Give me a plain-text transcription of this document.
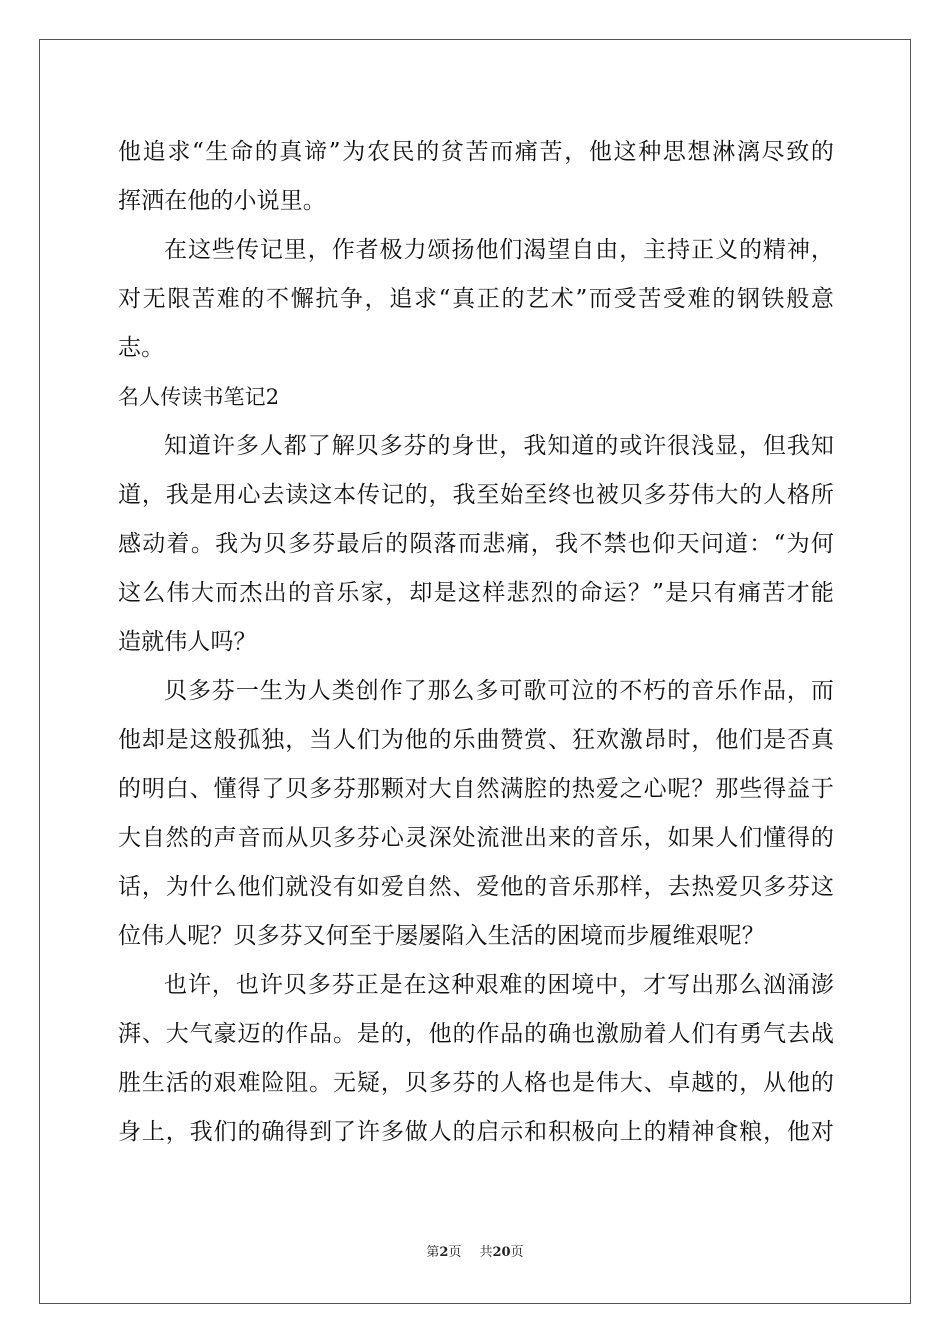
他追求“生命的真谛”为农民的贫苦而痛苦，他这种思想淋漓尽致的
挥洒在他的小说里。
在这些传记里，作者极力颂扬他们渴望自由，主持正义的精神，
对无限苦难的不懈抗争，追求“真正的艺术”而受苦受难的钢铁般意
志。
名人传读书笔记2
知道许多人都了解贝多芬的身世，我知道的或许很浅显，但我知
道，我是用心去读这本传记的，我至始至终也被贝多芬伟大的人格所
感动着。我为贝多芬最后的陨落而悲痛，我不禁也仰天问道：“为何
这么伟大而杰出的音乐家，却是这样悲烈的命运？”是只有痛苦才能
造就伟人吗？
贝多芬一生为人类创作了那么多可歌可泣的不朽的音乐作品，而
他却是这般孤独，当人们为他的乐曲赞赏、狂欢激昂时，他们是否真
的明白、懂得了贝多芬那颗对大自然满腔的热爱之心呢？那些得益于
大自然的声音而从贝多芬心灵深处流泄出来的音乐，如果人们懂得的
话，为什么他们就没有如爱自然、爱他的音乐那样，去热爱贝多芬这
位伟人呢？贝多芬又何至于屡屡陷入生活的困境而步履维艰呢？
也许，也许贝多芬正是在这种艰难的困境中，才写出那么汹涌澎
湃、大气豪迈的作品。是的，他的作品的确也激励着人们有勇气去战
胜生活的艰难险阻。无疑，贝多芬的人格也是伟大、卓越的，从他的
身上，我们的确得到了许多做人的启示和积极向上的精神食粮，他对
第2页 共20页
